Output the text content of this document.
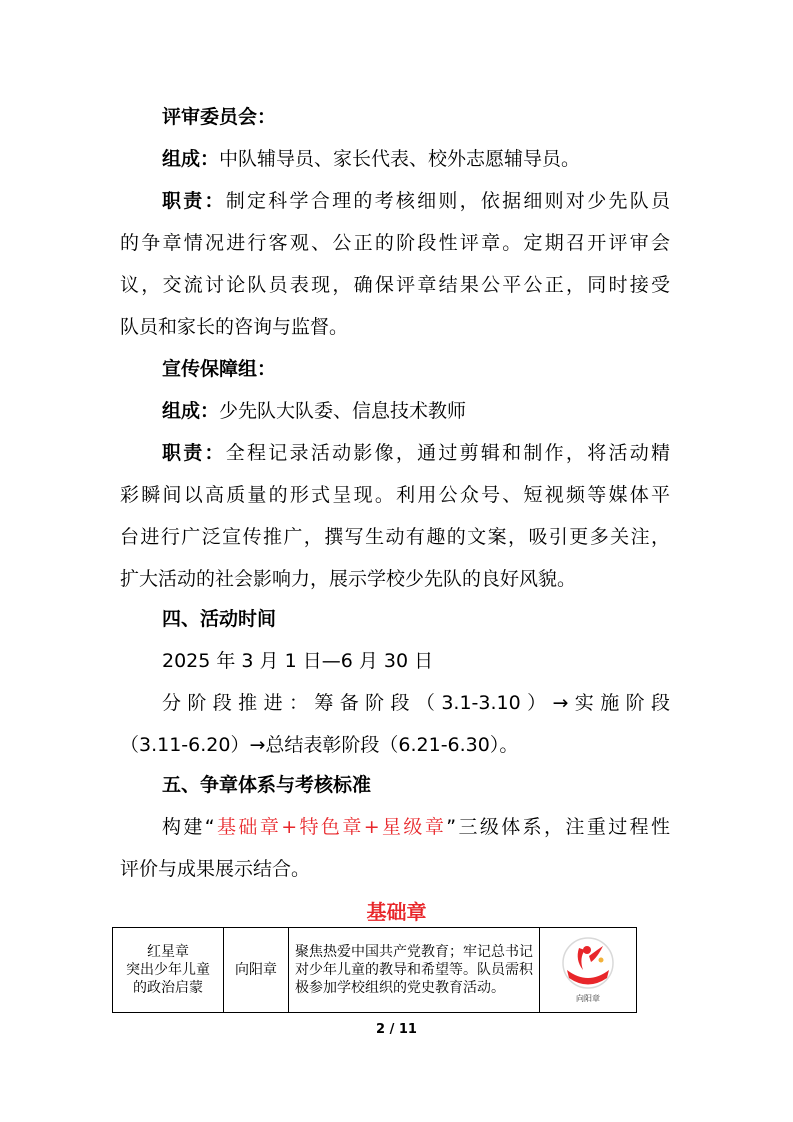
评审委员会：
组成：中队辅导员、家长代表、校外志愿辅导员。
职责：制定科学合理的考核细则，依据细则对少先队员
的争章情况进行客观、公正的阶段性评章。定期召开评审会
议，交流讨论队员表现，确保评章结果公平公正，同时接受
队员和家长的咨询与监督。
宣传保障组：
组成：少先队大队委、信息技术教师
职责：全程记录活动影像，通过剪辑和制作，将活动精
彩瞬间以高质量的形式呈现。利用公众号、短视频等媒体平
台进行广泛宣传推广，撰写生动有趣的文案，吸引更多关注，
扩大活动的社会影响力，展示学校少先队的良好风貌。
四、活动时间
2025 年 3 月 1 日—6 月 30 日
分阶段推进：筹备阶段（3.1-3.10）→实施阶段
（3.11-6.20）→总结表彰阶段（6.21-6.30）。
五、争章体系与考核标准
构建“基础章+特色章+星级章”三级体系，注重过程性
评价与成果展示结合。
基础章
红星章
突出少年儿童
的政治启蒙
	向阳章	聚焦热爱中国共产党教育；牢记总书记对少年儿童的教导和希望等。队员需积极参加学校组织的党史教育活动。	
向阳章
2 / 11
